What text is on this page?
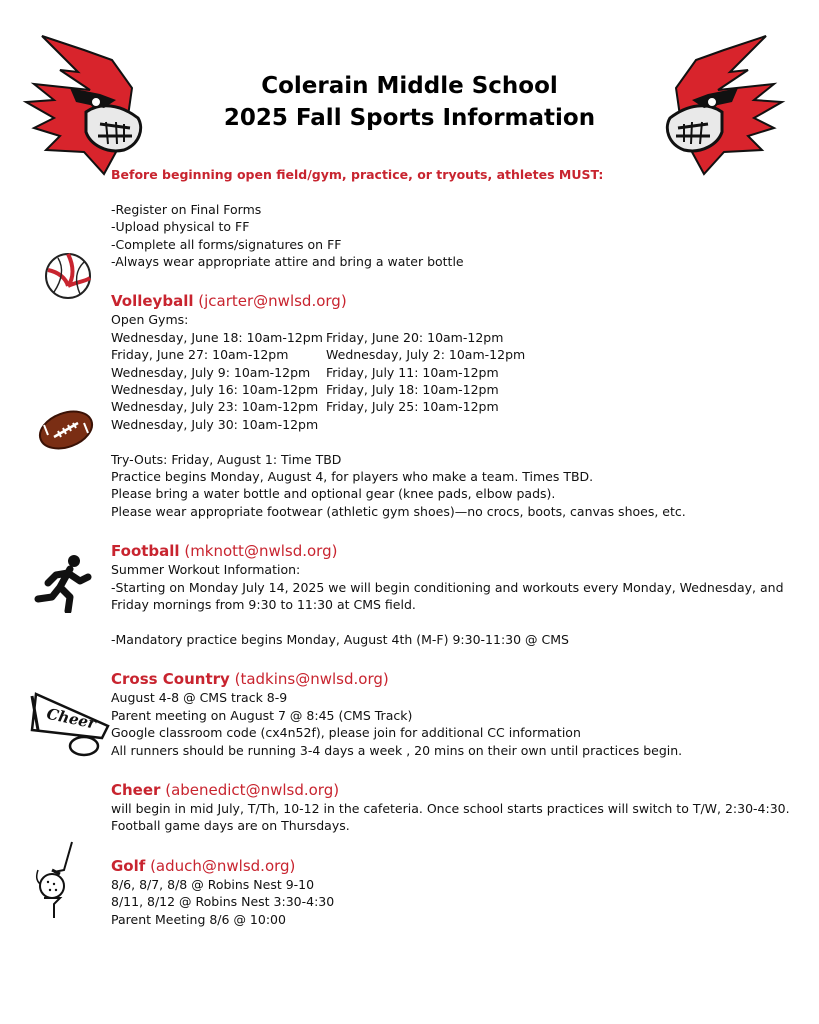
Colerain Middle School
2025 Fall Sports Information
Cheer

Before beginning open field/gym, practice, or tryouts, athletes MUST:

-Register on Final Forms

-Upload physical to FF

-Complete all forms/signatures on FF

-Always wear appropriate attire and bring a water bottle

Volleyball (jcarter@nwlsd.org)

Open Gyms:

Wednesday, June 18: 10am-12pm Friday, June 20: 10am-12pm
Friday, June 27: 10am-12pm	Wednesday, July 2: 10am-12pm
Wednesday, July 9: 10am-12pm	Friday, July 11: 10am-12pm
Wednesday, July 16: 10am-12pm Friday, July 18: 10am-12pm
Wednesday, July 23: 10am-12pm Friday, July 25: 10am-12pm
Wednesday, July 30: 10am-12pm

Try-Outs: Friday, August 1: Time TBD

Practice begins Monday, August 4, for players who make a team. Times TBD.

Please bring a water bottle and optional gear (knee pads, elbow pads).

Please wear appropriate footwear (athletic gym shoes)—no crocs, boots, canvas shoes, etc.

Football (mknott@nwlsd.org)

Summer Workout Information:

-Starting on Monday July 14, 2025 we will begin conditioning and workouts every Monday, Wednesday, and Friday mornings from 9:30 to 11:30 at CMS field.

-Mandatory practice begins Monday, August 4th (M-F) 9:30-11:30 @ CMS

Cross Country (tadkins@nwlsd.org)

August 4-8 @ CMS track 8-9

Parent meeting on August 7 @ 8:45 (CMS Track)

Google classroom code (cx4n52f), please join for additional CC information

All runners should be running 3-4 days a week , 20 mins on their own until practices begin.

Cheer (abenedict@nwlsd.org)

will begin in mid July, T/Th, 10-12 in the cafeteria. Once school starts practices will switch to T/W, 2:30-4:30. Football game days are on Thursdays.

Golf (aduch@nwlsd.org)

8/6, 8/7, 8/8 @ Robins Nest 9-10

8/11, 8/12 @ Robins Nest 3:30-4:30

Parent Meeting 8/6 @ 10:00
